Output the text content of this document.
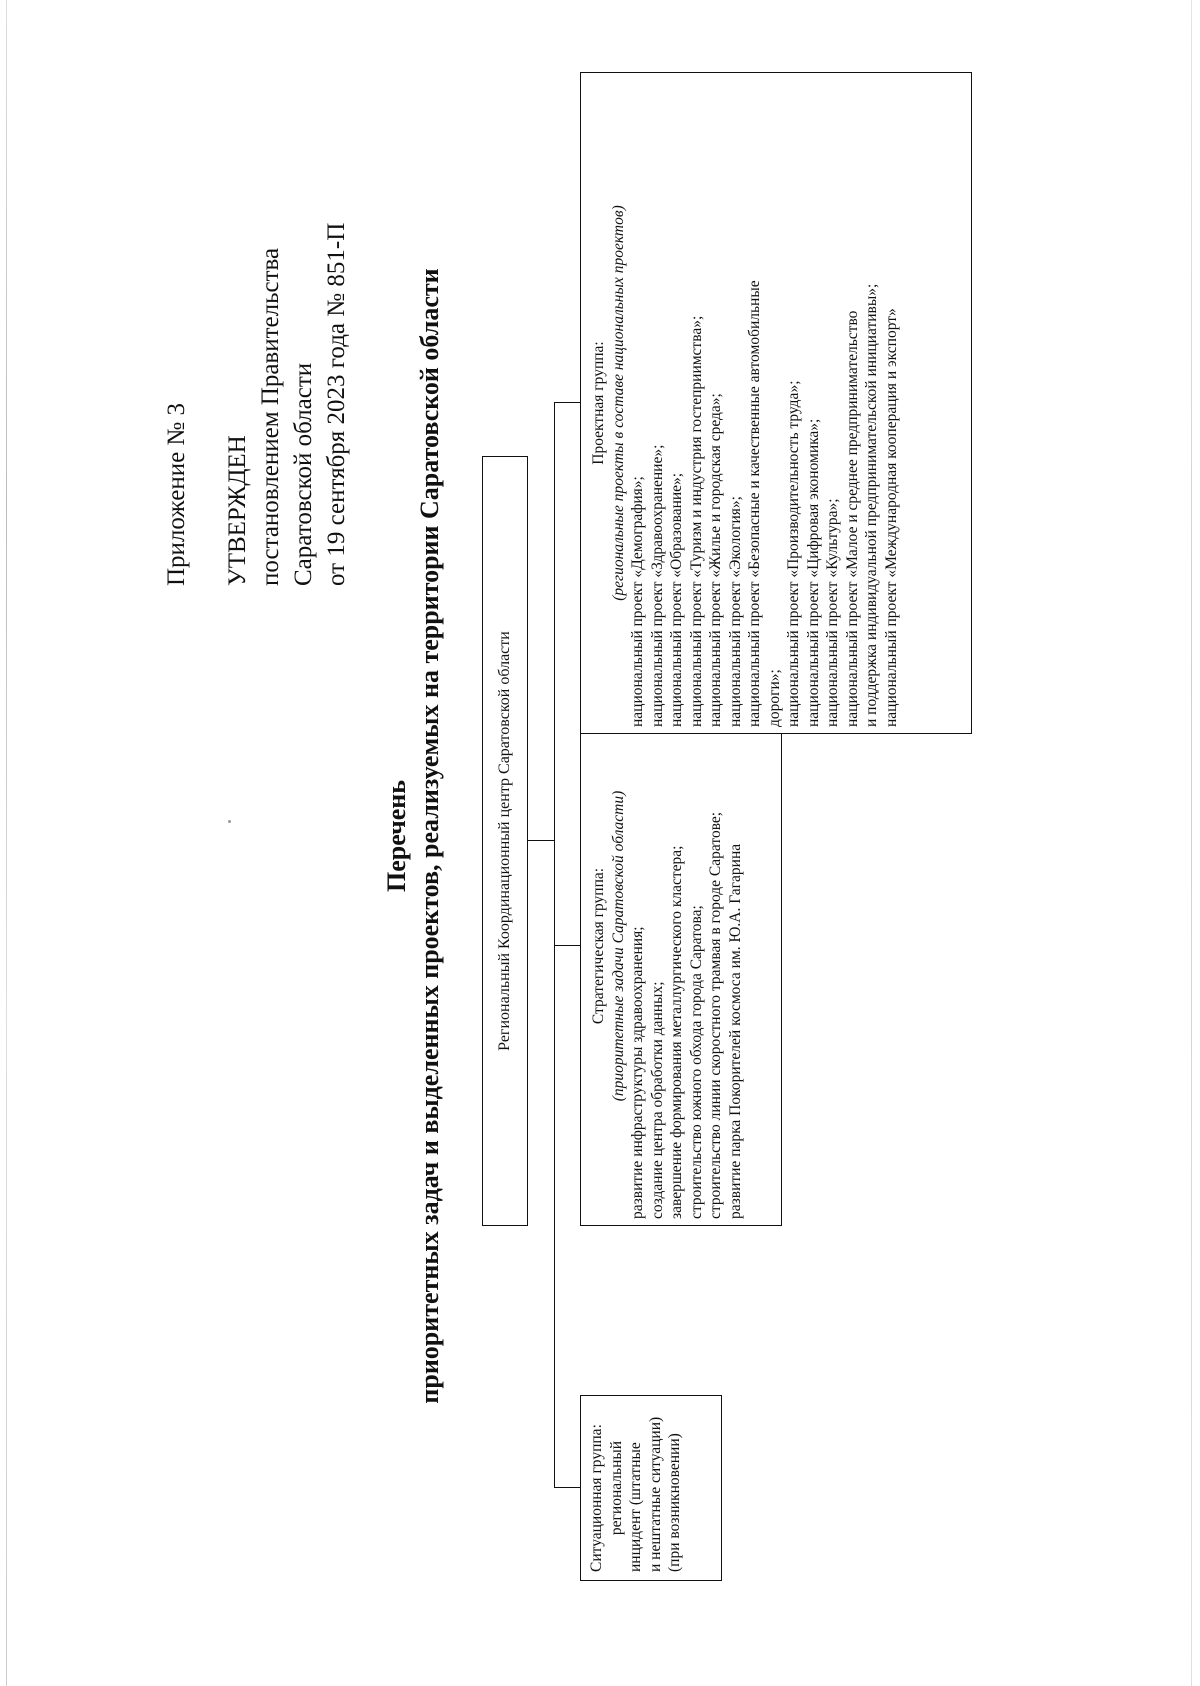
Приложение № 3 УТВЕРЖДЕН постановлением Правительства Саратовской области от 19 сентября 2023 года № 851-П
Перечень приоритетных задач и выделенных проектов, реализуемых на территории Саратовской области	Региональный Координационный центр Саратовской области
Ситуационная группа: региональный инцидент (штатные и нештатные ситуации) (при возникновении)
Стратегическая группа: (приоритетные задачи Саратовской области) развитие инфраструктуры здравоохранения; создание центра обработки данных; завершение формирования металлургического кластера; строительство южного обхода города Саратова; строительство линии скоростного трамвая в городе Саратове; развитие парка Покорителей космоса им. Ю.А. Гагарина
Проектная группа: (региональные проекты в составе национальных проектов)
национальный проект «Демография»; национальный проект «Здравоохранение»; национальный проект «Образование»; национальный проект «Туризм и индустрия гостеприимства»; национальный проект «Жилье и городская среда»; национальный проект «Экология»; национальный проект «Безопасные и качественные автомобильные дороги»; национальный проект «Производительность труда»; национальный проект «Цифровая экономика»; национальный проект «Культура»; национальный проект «Малое и среднее предпринимательство и поддержка индивидуальной предпринимательской инициативы»; национальный проект «Международная кооперация и экспорт»
